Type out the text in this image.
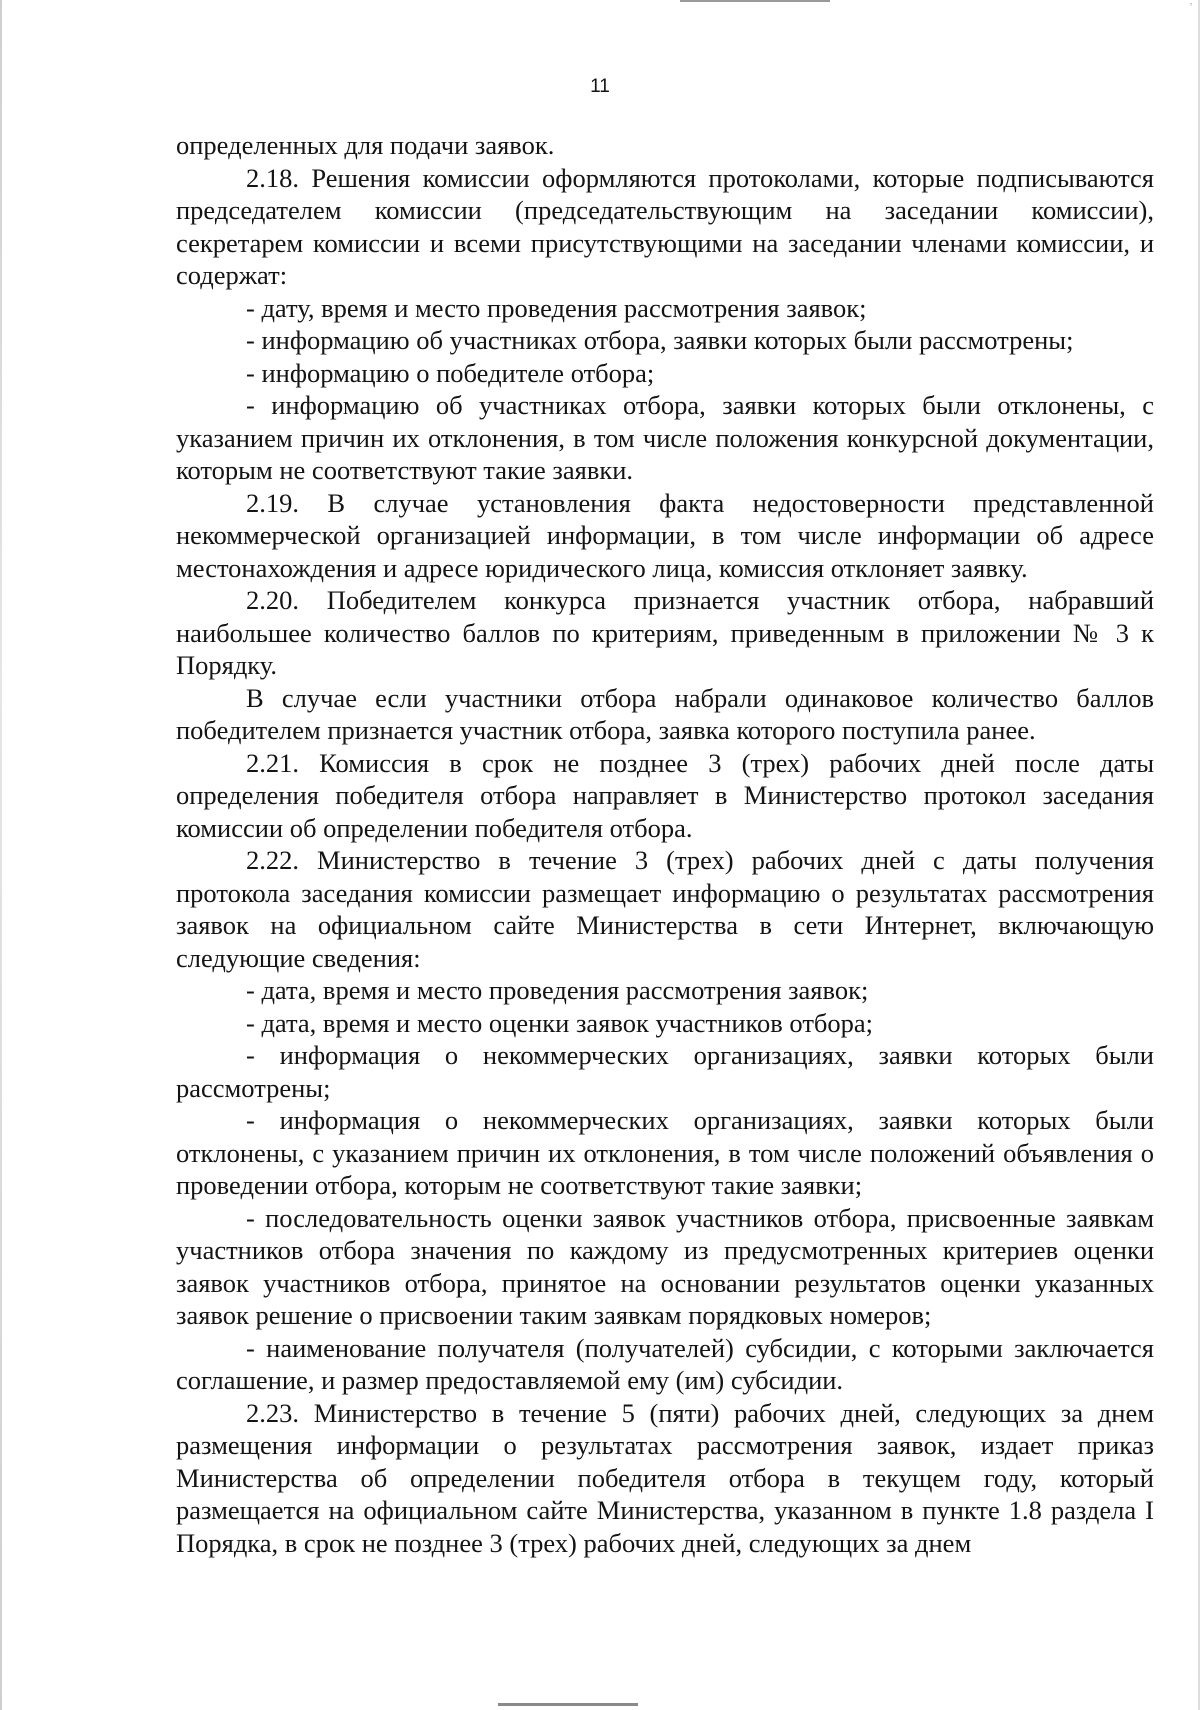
᾽
11

определенных для подачи заявок.

2.18. Решения комиссии оформляются протоколами, которые подписываются председателем комиссии (председательствующим на заседании комиссии), секретарем комиссии и всеми присутствующими на заседании членами комиссии, и содержат:

- дату, время и место проведения рассмотрения заявок;

- информацию об участниках отбора, заявки которых были рассмотрены;

- информацию о победителе отбора;

- информацию об участниках отбора, заявки которых были отклонены, с указанием причин их отклонения, в том числе положения конкурсной документации, которым не соответствуют такие заявки.

2.19. В случае установления факта недостоверности представленной некоммерческой организацией информации, в том числе информации об адресе местонахождения и адресе юридического лица, комиссия отклоняет заявку.

2.20. Победителем конкурса признается участник отбора, набравший наибольшее количество баллов по критериям, приведенным в приложении № 3 к Порядку.

В случае если участники отбора набрали одинаковое количество баллов победителем признается участник отбора, заявка которого поступила ранее.

2.21. Комиссия в срок не позднее 3 (трех) рабочих дней после даты определения победителя отбора направляет в Министерство протокол заседания комиссии об определении победителя отбора.

2.22. Министерство в течение 3 (трех) рабочих дней с даты получения протокола заседания комиссии размещает информацию о результатах рассмотрения заявок на официальном сайте Министерства в сети Интернет, включающую следующие сведения:

- дата, время и место проведения рассмотрения заявок;

- дата, время и место оценки заявок участников отбора;

- информация о некоммерческих организациях, заявки которых были рассмотрены;

- информация о некоммерческих организациях, заявки которых были отклонены, с указанием причин их отклонения, в том числе положений объявления о проведении отбора, которым не соответствуют такие заявки;

- последовательность оценки заявок участников отбора, присвоенные заявкам участников отбора значения по каждому из предусмотренных критериев оценки заявок участников отбора, принятое на основании результатов оценки указанных заявок решение о присвоении таким заявкам порядковых номеров;

- наименование получателя (получателей) субсидии, с которыми заключается соглашение, и размер предоставляемой ему (им) субсидии.

2.23. Министерство в течение 5 (пяти) рабочих дней, следующих за днем размещения информации о результатах рассмотрения заявок, издает приказ Министерства об определении победителя отбора в текущем году, который размещается на официальном сайте Министерства, указанном в пункте 1.8 раздела I Порядка, в срок не позднее 3 (трех) рабочих дней, следующих за днем
